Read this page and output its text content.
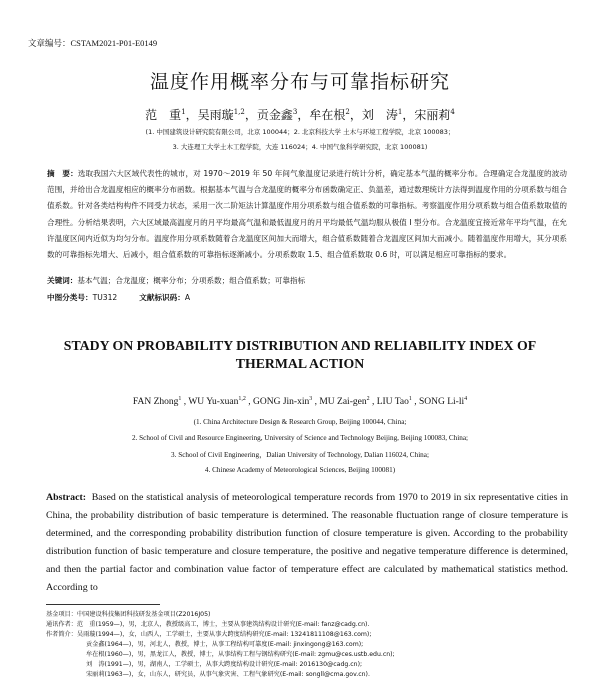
文章编号：CSTAM2021-P01-E0149
温度作用概率分布与可靠指标研究
范　重$^1$，吴雨璇$^{1,2}$，贡金鑫$^3$，牟在根$^2$，刘　涛$^1$，宋丽莉$^4$
(1. 中国建筑设计研究院有限公司，北京 100044；2. 北京科技大学 土木与环境工程学院，北京 100083；
3. 大连理工大学土木工程学院，大连 116024；4. 中国气象科学研究院，北京 100081)
摘　要：选取我国六大区域代表性的城市，对 1970～2019 年 50 年间气象温度记录进行统计分析，确定基本气温的概率分布。合理确定合龙温度的波动范围，并给出合龙温度相应的概率分布函数。根据基本气温与合龙温度的概率分布函数确定正、负温差，通过数理统计方法得到温度作用的分项系数与组合值系数。针对各类结构构件不同受力状态，采用一次二阶矩法计算温度作用分项系数与组合值系数的可靠指标。考察温度作用分项系数与组合值系数取值的合理性。分析结果表明，六大区域最高温度月的月平均最高气温和最低温度月的月平均最低气温均服从极值 I 型分布。合龙温度宜接近常年平均气温，在允许温度区间内近似为均匀分布。温度作用分项系数随着合龙温度区间加大而增大，组合值系数随着合龙温度区间加大而减小。随着温度作用增大，其分项系数的可靠指标先增大、后减小，组合值系数的可靠指标逐渐减小。分项系数取 1.5、组合值系数取 0.6 时，可以满足相应可靠指标的要求。
关键词：基本气温；合龙温度；概率分布；分项系数；组合值系数；可靠指标
中图分类号：TU312	文献标识码：A
STADY ON PROBABILITY DISTRIBUTION AND RELIABILITY INDEX OF
THERMAL ACTION
FAN Zhong$^1$ , WU Yu-xuan$^{1,2}$ , GONG Jin-xin$^3$ , MU Zai-gen$^2$ , LIU Tao$^1$ , SONG $Li-li^4$
(1. China Architecture Design & Research Group, Beijing 100044, China;
2. School of Civil and Resource Engineering, University of Science and Technology Beijing, Beijing 100083, China;
3. School of Civil Engineering，Dalian University of Technology, Dalian 116024, China;
4. Chinese Academy of Meteorological Sciences, Beijing 100081)
Abstract: Based on the statistical analysis of meteorological temperature records from 1970 to 2019 in six representative cities in China, the probability distribution of basic temperature is determined. The reasonable fluctuation range of closure temperature is determined, and the corresponding probability distribution function of closure temperature is given. According to the probability distribution function of basic temperature and closure temperature, the positive and negative temperature difference is determined, and then the partial factor and combination value factor of temperature effect are calculated by mathematical statistics method. According to
基金项目：中国建设科技集团科技研发基金项目(Z2016J05)
通讯作者：范　重(1959—)，男，北京人，教授级高工，博士，主要从事建筑结构设计研究(E-mail: fanz@cadg.cn).
作者简介：吴雨璇(1994—)，女，山西人，工学硕士，主要从事大跨度结构研究(E-mail: 13241811108@163.com);
贡金鑫(1964—)，男，河北人，教授，博士，从事工程结构可靠度(E-mail: jinxingong@163.com);
牟在根(1960—)，男，黑龙江人，教授，博士，从事结构工程与钢结构研究(E-mail: zgmu@ces.ustb.edu.cn);
刘　涛(1991—)，男，湖南人，工学硕士，从事大跨度结构设计研究(E-mail: 2016130@cadg.cn);
宋丽莉(1963—)，女，山东人，研究员，从事气象灾害、工程气象研究(E-mail: songll@cma.gov.cn).
